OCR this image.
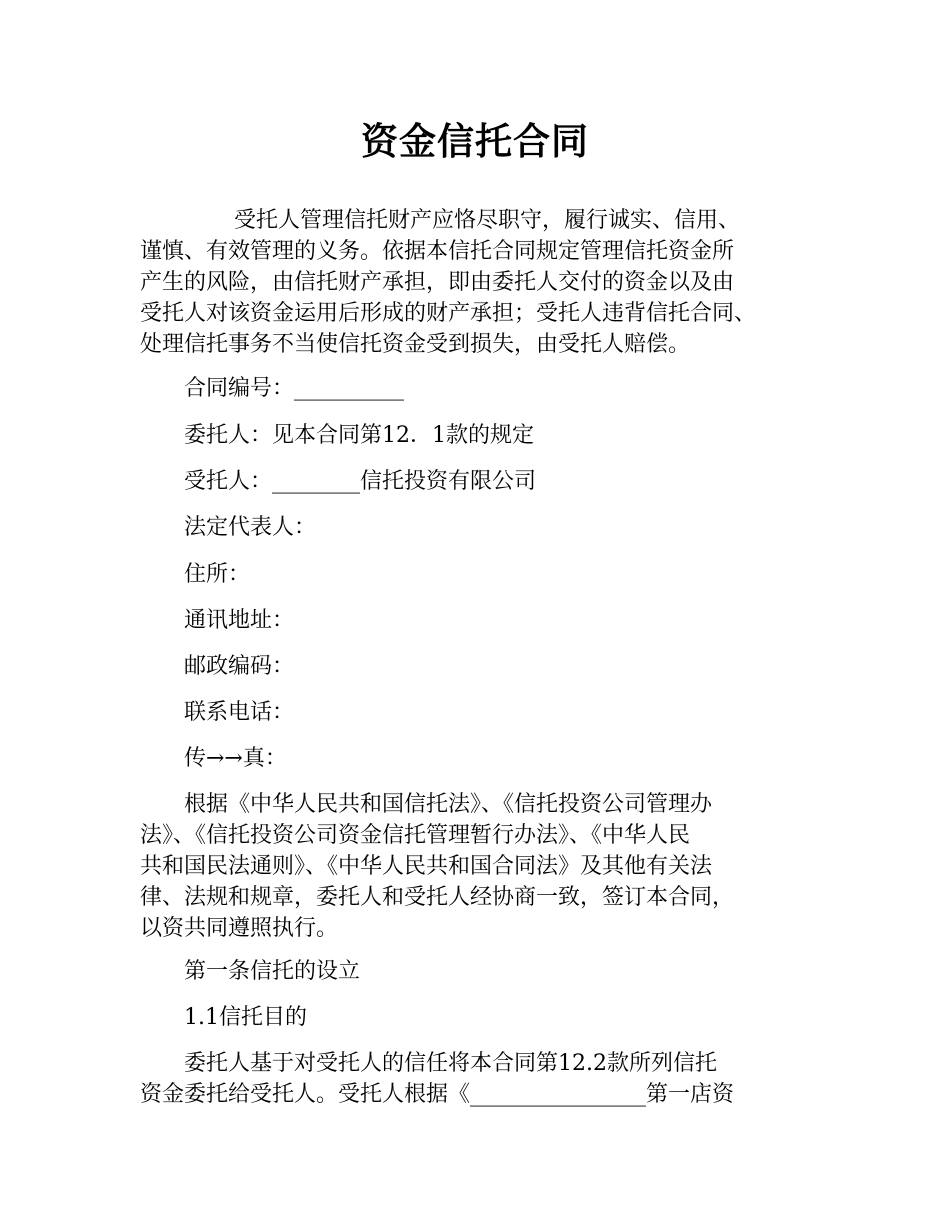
资金信托合同
受托人管理信托财产应恪尽职守，履行诚实、信用、
谨慎、有效管理的义务。依据本信托合同规定管理信托资金所
产生的风险，由信托财产承担，即由委托人交付的资金以及由
受托人对该资金运用后形成的财产承担；受托人违背信托合同、
处理信托事务不当使信托资金受到损失，由受托人赔偿。
合同编号：__________
委托人：见本合同第12．1款的规定
受托人：________信托投资有限公司
法定代表人：
住所：
通讯地址：
邮政编码：
联系电话：
传→→真：
根据《中华人民共和国信托法》、《信托投资公司管理办
法》、《信托投资公司资金信托管理暂行办法》、《中华人民
共和国民法通则》、《中华人民共和国合同法》及其他有关法
律、法规和规章，委托人和受托人经协商一致，签订本合同，
以资共同遵照执行。
第一条信托的设立
1.1信托目的
委托人基于对受托人的信任将本合同第12.2款所列信托
资金委托给受托人。受托人根据《________________第一店资
